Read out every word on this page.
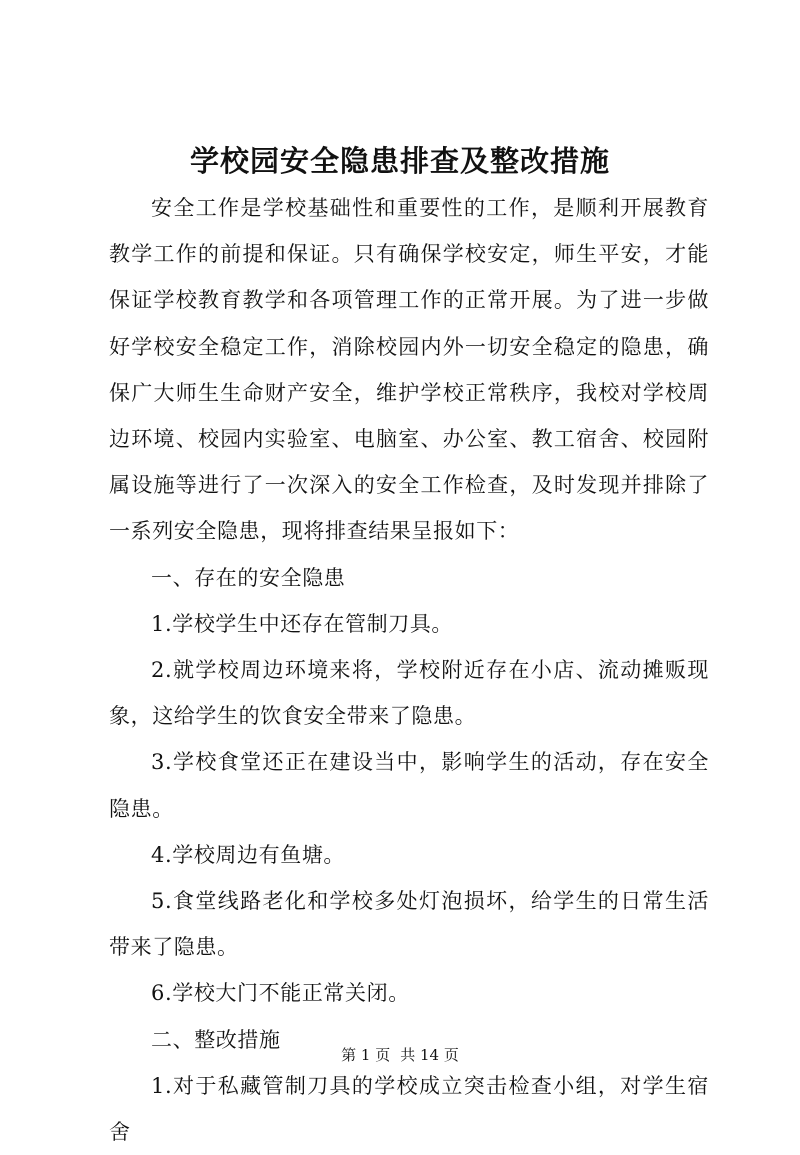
学校园安全隐患排查及整改措施

安全工作是学校基础性和重要性的工作，是顺利开展教育教学工作的前提和保证。只有确保学校安定，师生平安，才能保证学校教育教学和各项管理工作的正常开展。为了进一步做好学校安全稳定工作，消除校园内外一切安全稳定的隐患，确保广大师生生命财产安全，维护学校正常秩序，我校对学校周边环境、校园内实验室、电脑室、办公室、教工宿舍、校园附属设施等进行了一次深入的安全工作检查，及时发现并排除了一系列安全隐患，现将排查结果呈报如下：

一、存在的安全隐患

1.学校学生中还存在管制刀具。

2.就学校周边环境来将，学校附近存在小店、流动摊贩现象，这给学生的饮食安全带来了隐患。

3.学校食堂还正在建设当中，影响学生的活动，存在安全隐患。

4.学校周边有鱼塘。

5.食堂线路老化和学校多处灯泡损坏，给学生的日常生活带来了隐患。

6.学校大门不能正常关闭。

二、整改措施

1.对于私藏管制刀具的学校成立突击检查小组，对学生宿舍

第 1 页 共 14 页
